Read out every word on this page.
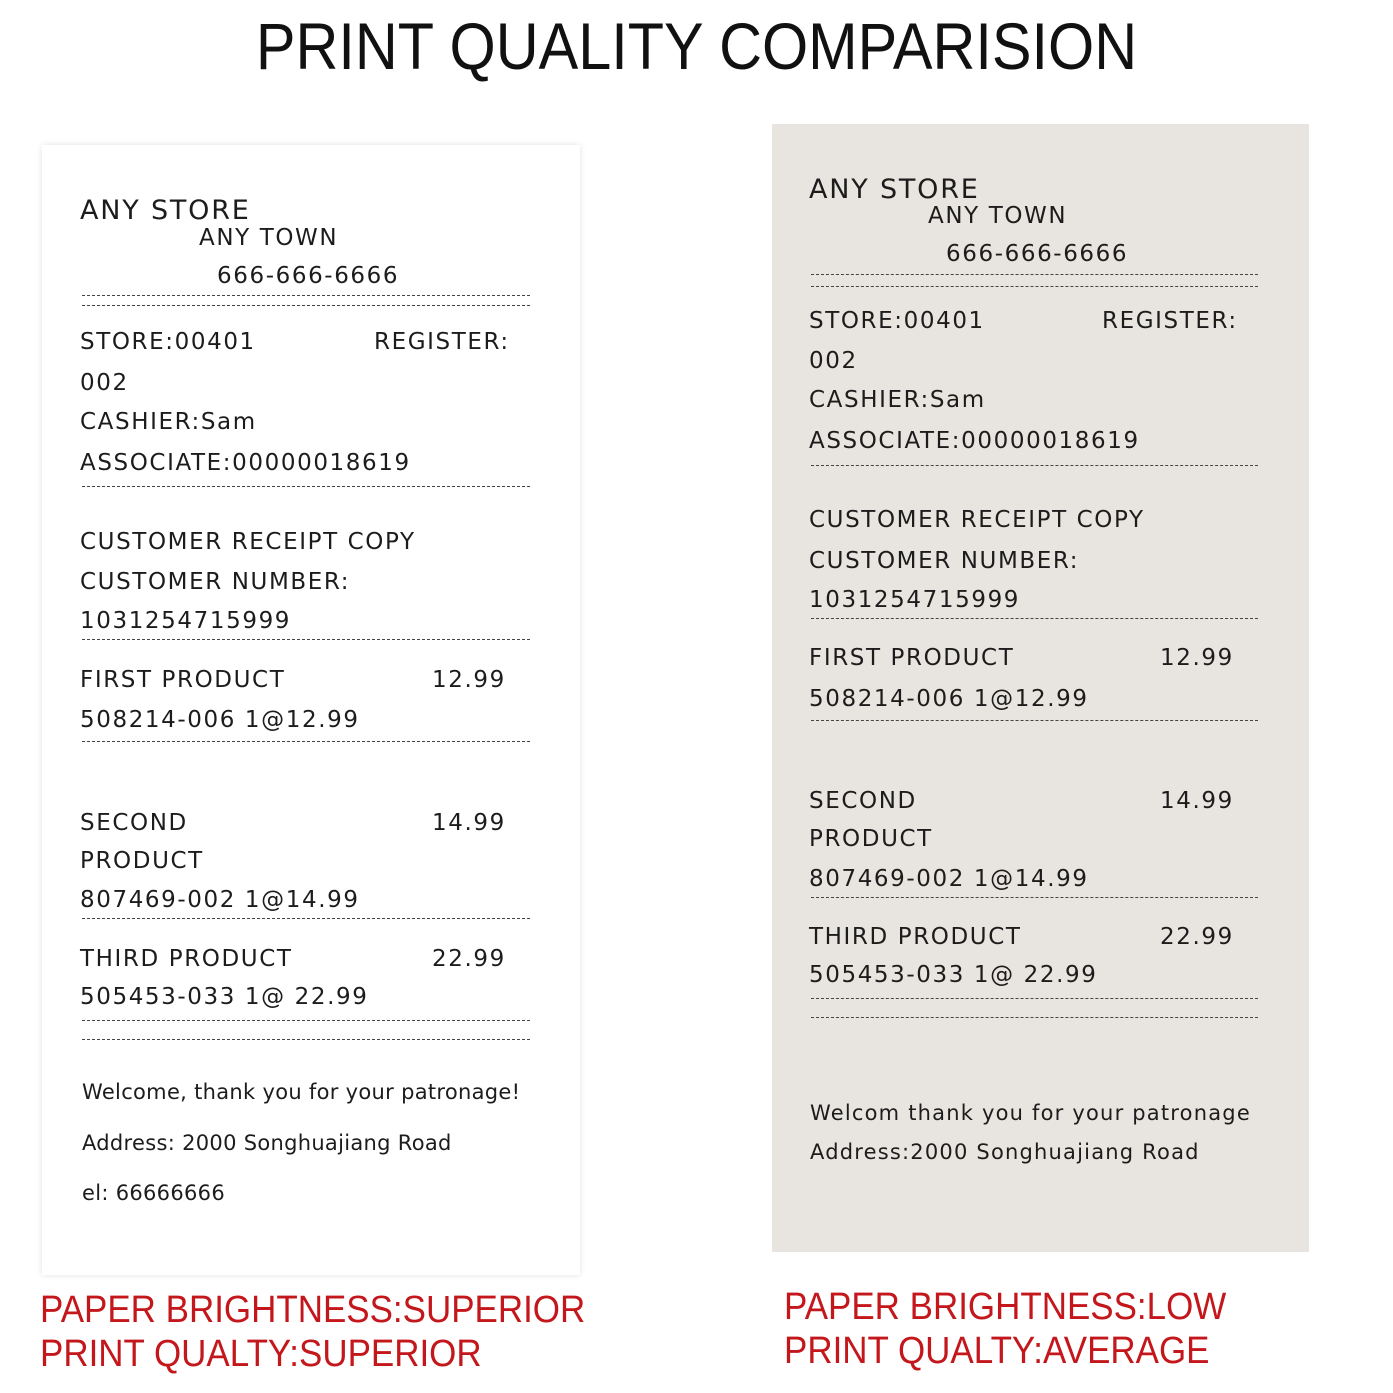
PRINT QUALITY COMPARISION
ANY STORE
ANY TOWN
666-666-6666
STORE:00401	REGISTER:
002
CASHIER:Sam
ASSOCIATE:00000018619
CUSTOMER RECEIPT COPY
CUSTOMER NUMBER:
1031254715999
FIRST PRODUCT	12.99
508214-006 1@12.99
SECOND	14.99
PRODUCT
807469-002 1@14.99
THIRD PRODUCT	22.99
505453-033 1@ 22.99
Welcome, thank you for your patronage!
Address: 2000 Songhuajiang Road
el: 66666666
ANY STORE
ANY TOWN
666-666-6666
STORE:00401	REGISTER:
002
CASHIER:Sam
ASSOCIATE:00000018619
CUSTOMER RECEIPT COPY
CUSTOMER NUMBER:
1031254715999
FIRST PRODUCT	12.99
508214-006 1@12.99
SECOND	14.99
PRODUCT
807469-002 1@14.99
THIRD PRODUCT	22.99
505453-033 1@ 22.99
Welcom thank you for your patronage
Address:2000 Songhuajiang Road
PAPER BRIGHTNESS:SUPERIOR
PRINT QUALTY:SUPERIOR
PAPER BRIGHTNESS:LOW
PRINT QUALTY:AVERAGE
